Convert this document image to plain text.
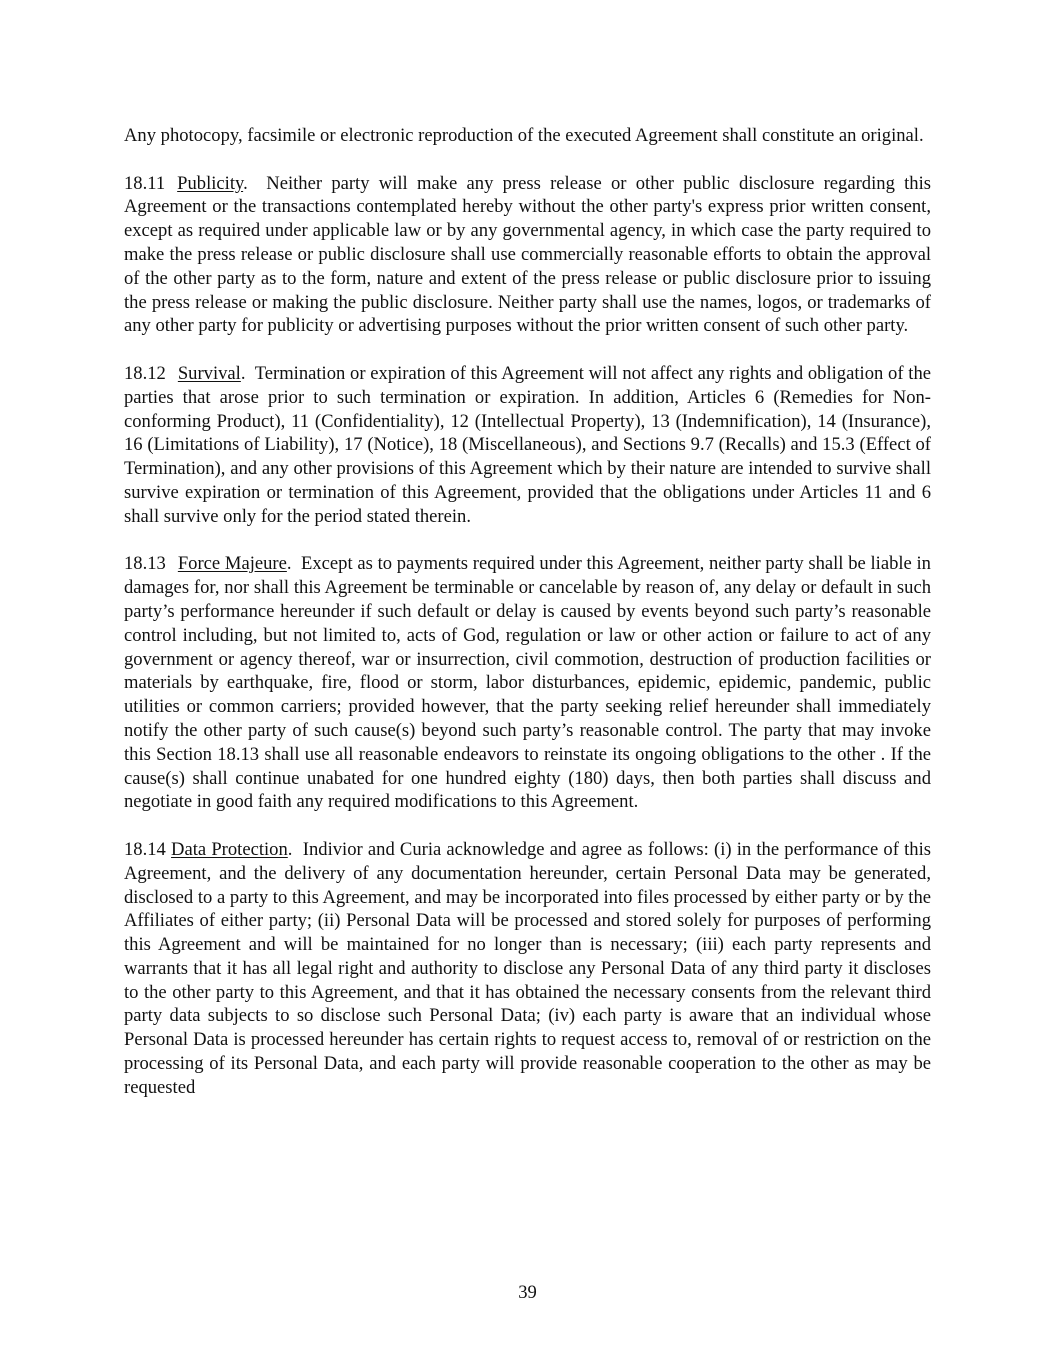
Any photocopy, facsimile or electronic reproduction of the executed Agreement shall constitute an original.

18.11 Publicity.  Neither party will make any press release or other public disclosure regarding this Agreement or the transactions contemplated hereby without the other party's express prior written consent, except as required under applicable law or by any governmental agency, in which case the party required to make the press release or public disclosure shall use commercially reasonable efforts to obtain the approval of the other party as to the form, nature and extent of the press release or public disclosure prior to issuing the press release or making the public disclosure. Neither party shall use the names, logos, or trademarks of any other party for publicity or advertising purposes without the prior written consent of such other party.

18.12 Survival.  Termination or expiration of this Agreement will not affect any rights and obligation of the parties that arose prior to such termination or expiration. In addition, Articles 6 (Remedies for Non-conforming Product), 11 (Confidentiality), 12 (Intellectual Property), 13 (Indemnification), 14 (Insurance), 16 (Limitations of Liability), 17 (Notice), 18 (Miscellaneous), and Sections 9.7 (Recalls) and 15.3 (Effect of Termination), and any other provisions of this Agreement which by their nature are intended to survive shall survive expiration or termination of this Agreement, provided that the obligations under Articles 11 and 6 shall survive only for the period stated therein.

18.13 Force Majeure.  Except as to payments required under this Agreement, neither party shall be liable in damages for, nor shall this Agreement be terminable or cancelable by reason of, any delay or default in such party’s performance hereunder if such default or delay is caused by events beyond such party’s reasonable control including, but not limited to, acts of God, regulation or law or other action or failure to act of any government or agency thereof, war or insurrection, civil commotion, destruction of production facilities or materials by earthquake, fire, flood or storm, labor disturbances, epidemic, epidemic, pandemic, public utilities or common carriers; provided however, that the party seeking relief hereunder shall immediately notify the other party of such cause(s) beyond such party’s reasonable control. The party that may invoke this Section 18.13 shall use all reasonable endeavors to reinstate its ongoing obligations to the other . If the cause(s) shall continue unabated for one hundred eighty (180) days, then both parties shall discuss and negotiate in good faith any required modifications to this Agreement.

18.14 Data Protection.  Indivior and Curia acknowledge and agree as follows: (i) in the performance of this Agreement, and the delivery of any documentation hereunder, certain Personal Data may be generated, disclosed to a party to this Agreement, and may be incorporated into files processed by either party or by the Affiliates of either party; (ii) Personal Data will be processed and stored solely for purposes of performing this Agreement and will be maintained for no longer than is necessary; (iii) each party represents and warrants that it has all legal right and authority to disclose any Personal Data of any third party it discloses to the other party to this Agreement, and that it has obtained the necessary consents from the relevant third party data subjects to so disclose such Personal Data; (iv) each party is aware that an individual whose Personal Data is processed hereunder has certain rights to request access to, removal of or restriction on the processing of its Personal Data, and each party will provide reasonable cooperation to the other as may be requested

39
